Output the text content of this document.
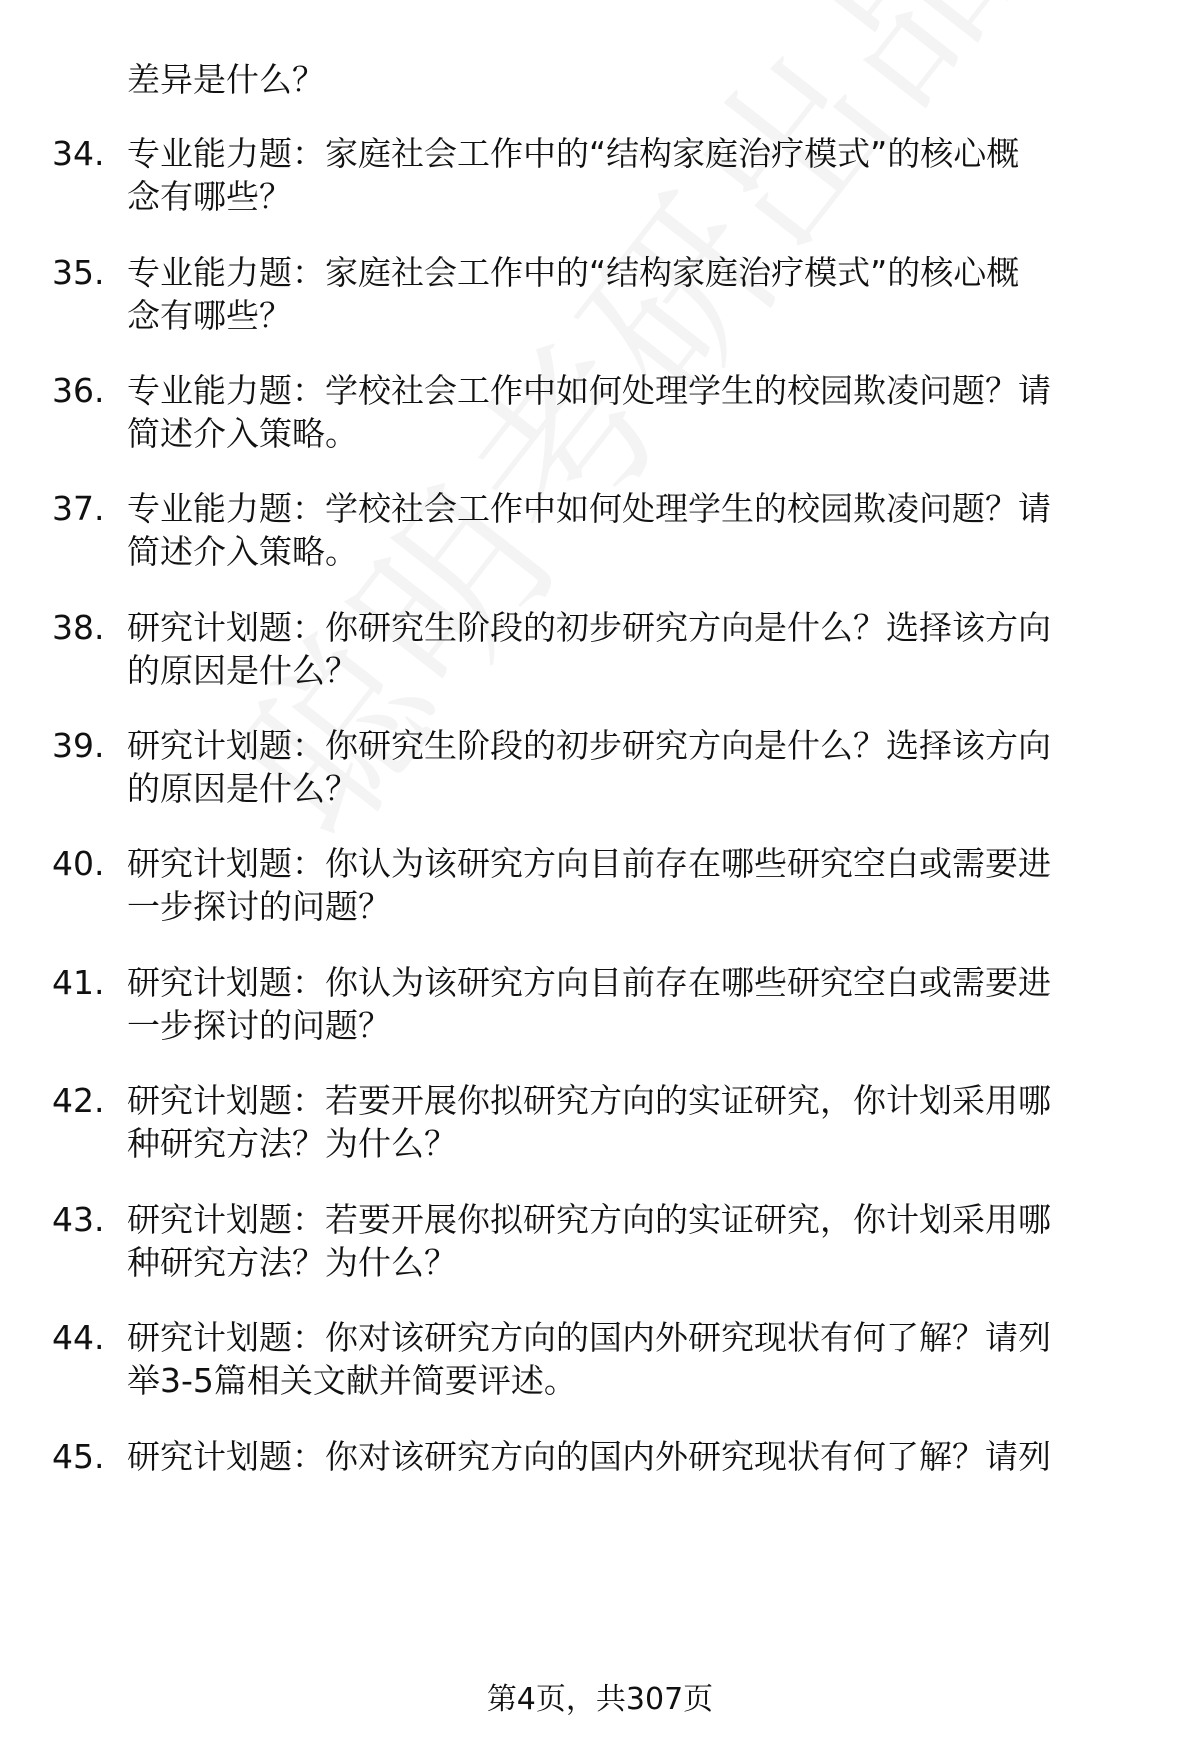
差异是什么？
34. 专业能力题：家庭社会工作中的“结构家庭治疗模式”的核心概
念有哪些？
35. 专业能力题：家庭社会工作中的“结构家庭治疗模式”的核心概
念有哪些？
36. 专业能力题：学校社会工作中如何处理学生的校园欺凌问题？请
简述介入策略。
37. 专业能力题：学校社会工作中如何处理学生的校园欺凌问题？请
简述介入策略。
38. 研究计划题：你研究生阶段的初步研究方向是什么？选择该方向
的原因是什么？
39. 研究计划题：你研究生阶段的初步研究方向是什么？选择该方向
的原因是什么？
40. 研究计划题：你认为该研究方向目前存在哪些研究空白或需要进
一步探讨的问题？
41. 研究计划题：你认为该研究方向目前存在哪些研究空白或需要进
一步探讨的问题？
42. 研究计划题：若要开展你拟研究方向的实证研究，你计划采用哪
种研究方法？为什么？
43. 研究计划题：若要开展你拟研究方向的实证研究，你计划采用哪
种研究方法？为什么？
44. 研究计划题：你对该研究方向的国内外研究现状有何了解？请列
举3-5篇相关文献并简要评述。
45. 研究计划题：你对该研究方向的国内外研究现状有何了解？请列
第4页，共307页
